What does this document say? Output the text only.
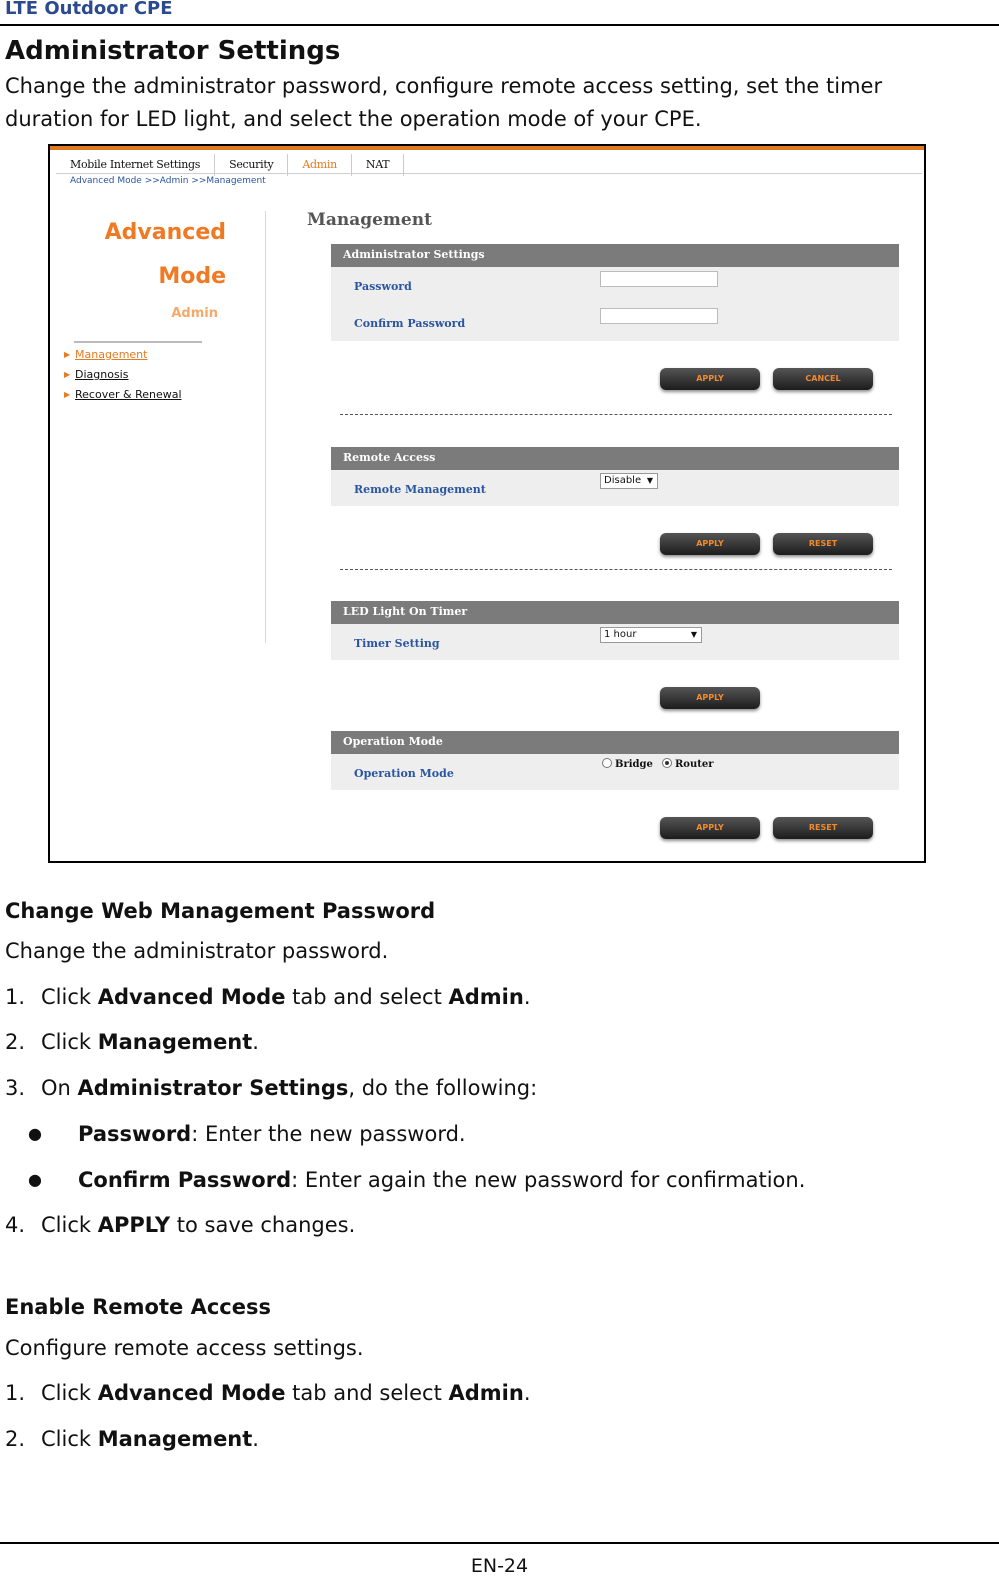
LTE Outdoor CPE
Administrator Settings
Change the administrator password, configure remote access setting, set the timer duration for LED light, and select the operation mode of your CPE.
Mobile Internet Settings	Security	Admin	NAT
Advanced Mode >>Admin >>Management
Advanced
Mode
Admin
▶ Management
▶ Diagnosis
▶ Recover & Renewal
Management
Administrator Settings
Password
Confirm Password
APPLY	CANCEL
Remote Access
Remote Management
Disable ▼
APPLY	RESET
LED Light On Timer
Timer Setting
1 hour	▼
APPLY
Operation Mode
Operation Mode
Bridge	Router
APPLY	RESET
Change Web Management Password
Change the administrator password.
1. Click Advanced Mode tab and select Admin.
2. Click Management.
3. On Administrator Settings, do the following:
● Password: Enter the new password.
● Confirm Password: Enter again the new password for confirmation.
4. Click APPLY to save changes.
Enable Remote Access
Configure remote access settings.
1. Click Advanced Mode tab and select Admin.
2. Click Management.
EN-24
